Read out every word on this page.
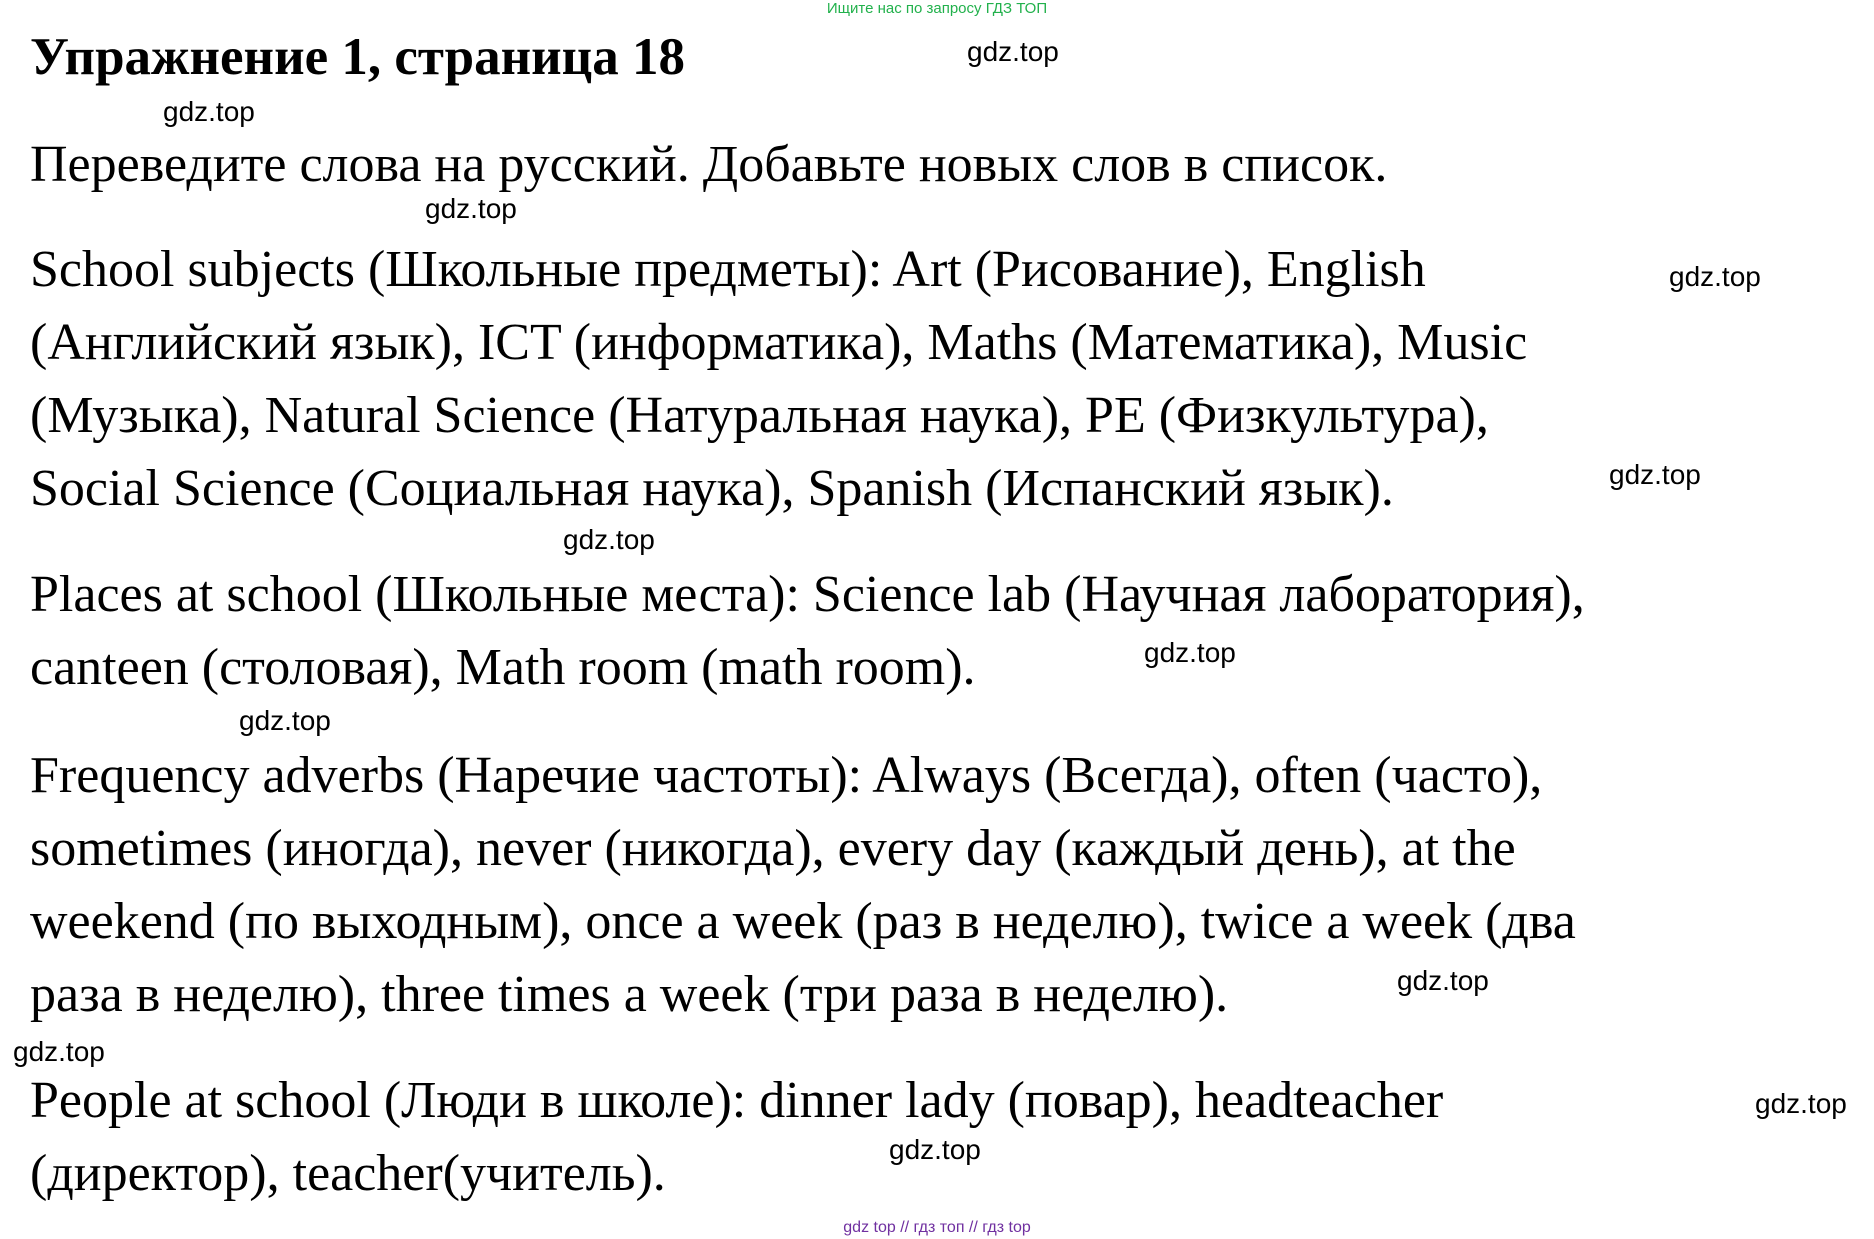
Ищите нас по запросу ГДЗ ТОП
Упражнение 1, страница 18

Переведите слова на русский. Добавьте новых слов в список.

School subjects (Школьные предметы): Art (Рисование), English
(Английский язык), ICT (информатика), Maths (Математика), Music
(Музыка), Natural Science (Натуральная наука), PE (Физкультура),
Social Science (Социальная наука), Spanish (Испанский язык).

Places at school (Школьные места): Science lab (Научная лаборатория),
canteen (столовая), Math room (math room).

Frequency adverbs (Наречие частоты): Always (Всегда), often (часто),
sometimes (иногда), never (никогда), every day (каждый день), at the
weekend (по выходным), once a week (раз в неделю), twice a week (два
раза в неделю), three times a week (три раза в неделю).

People at school (Люди в школе): dinner lady (повар), headteacher
(директор), teacher(учитель).

gdz.top
gdz.top
gdz.top
gdz.top
gdz.top
gdz.top
gdz.top
gdz.top
gdz.top
gdz.top
gdz.top
gdz.top
gdz top // гдз топ // гдз top
